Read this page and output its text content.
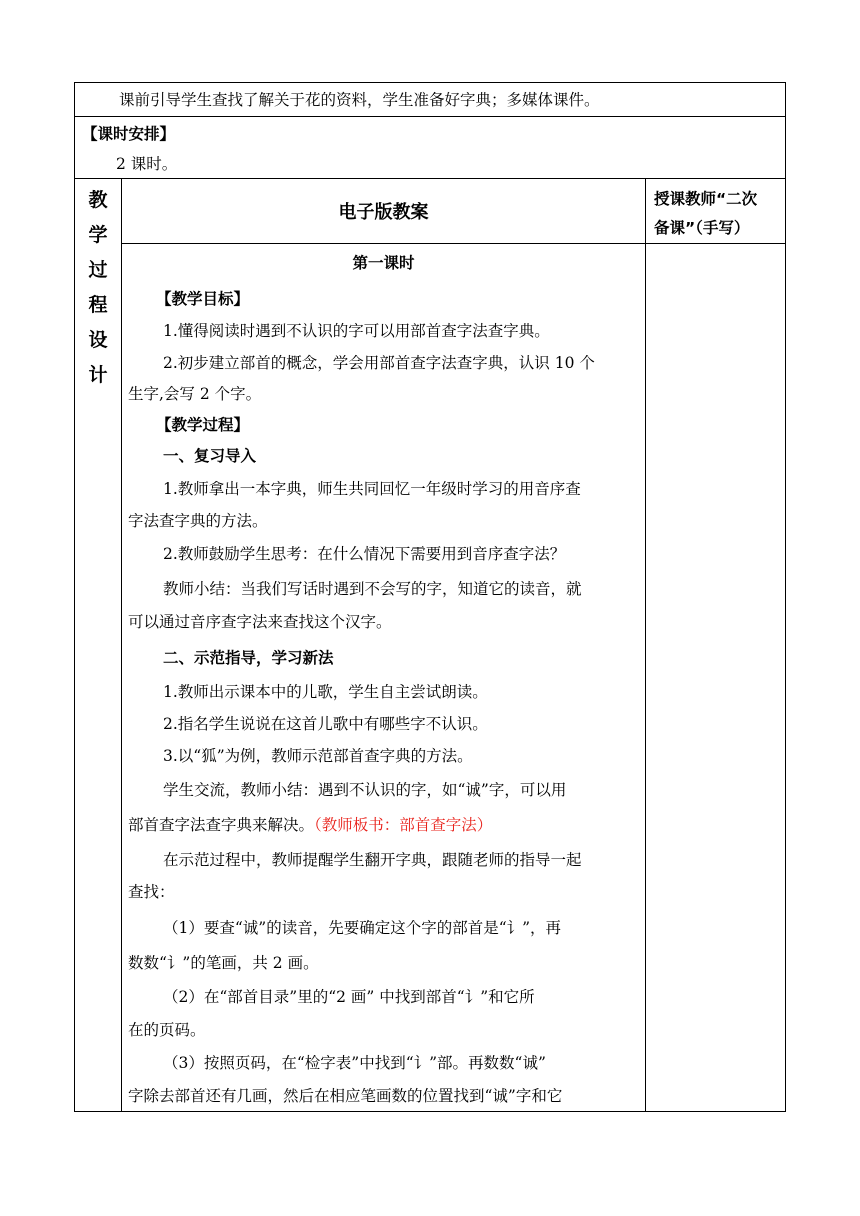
课前引导学生查找了解关于花的资料，学生准备好字典；多媒体课件。
【课时安排】
2 课时。
教
学
过
程
设
计
电子版教案
授课教师“二次
备课”（手写）
第一课时
【教学目标】
1.懂得阅读时遇到不认识的字可以用部首查字法查字典。
2.初步建立部首的概念，学会用部首查字法查字典，认识 10 个
生字,会写 2 个字。
【教学过程】
一、复习导入
1.教师拿出一本字典，师生共同回忆一年级时学习的用音序查
字法查字典的方法。
2.教师鼓励学生思考：在什么情况下需要用到音序查字法？
教师小结：当我们写话时遇到不会写的字，知道它的读音，就
可以通过音序查字法来查找这个汉字。
二、示范指导，学习新法
1.教师出示课本中的儿歌，学生自主尝试朗读。
2.指名学生说说在这首儿歌中有哪些字不认识。
3.以“狐”为例，教师示范部首查字典的方法。
学生交流，教师小结：遇到不认识的字，如“诚”字，可以用
部首查字法查字典来解决。（教师板书：部首查字法）
在示范过程中，教师提醒学生翻开字典，跟随老师的指导一起
查找：
（1）要查“诚”的读音，先要确定这个字的部首是“讠”，再
数数“讠”的笔画，共 2 画。
（2）在“部首目录”里的“2 画” 中找到部首“讠”和它所
在的页码。
（3）按照页码，在“检字表”中找到“讠”部。再数数“诚”
字除去部首还有几画，然后在相应笔画数的位置找到“诚”字和它
